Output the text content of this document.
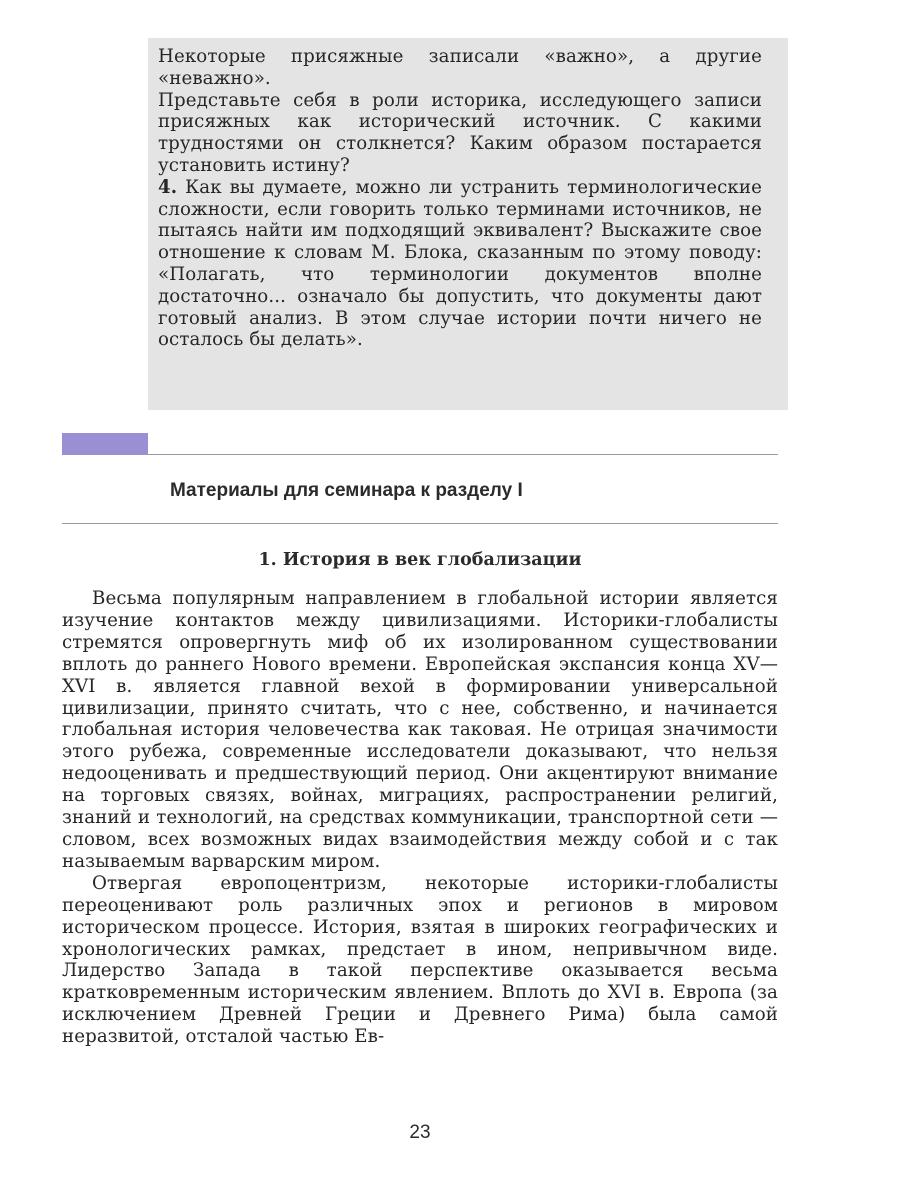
Некоторые присяжные записали «важно», а другие «неважно».

Представьте себя в роли историка, исследующего записи присяжных как исторический источник. С какими трудностями он столкнется? Каким образом постарается установить истину?

4. Как вы думаете, можно ли устранить терминологические сложности, если говорить только терминами источников, не пытаясь найти им подходящий эквивалент? Выскажите свое отношение к словам М. Блока, сказанным по этому поводу: «Полагать, что терминологии документов вполне достаточно... означало бы допустить, что документы дают готовый анализ. В этом случае истории почти ничего не осталось бы делать».

Материалы для семинара к разделу I
1. История в век глобализации

Весьма популярным направлением в глобальной истории является изучение контактов между цивилизациями. Историки-глобалисты стремятся опровергнуть миф об их изолированном существовании вплоть до раннего Нового времени. Европейская экспансия конца XV—XVI в. является главной вехой в формировании универсальной цивилизации, принято считать, что с нее, собственно, и начинается глобальная история человечества как таковая. Не отрицая значимости этого рубежа, современные исследователи доказывают, что нельзя недооценивать и предшествующий период. Они акцентируют внимание на торговых связях, войнах, миграциях, распространении религий, знаний и технологий, на средствах коммуникации, транспортной сети — словом, всех возможных видах взаимодействия между собой и с так называемым варварским миром.

Отвергая европоцентризм, некоторые историки-глобалисты переоценивают роль различных эпох и регионов в мировом историческом процессе. История, взятая в широких географических и хронологических рамках, предстает в ином, непривычном виде. Лидерство Запада в такой перспективе оказывается весьма кратковременным историческим явлением. Вплоть до XVI в. Европа (за исключением Древней Греции и Древнего Рима) была самой неразвитой, отсталой частью Ев-

23
